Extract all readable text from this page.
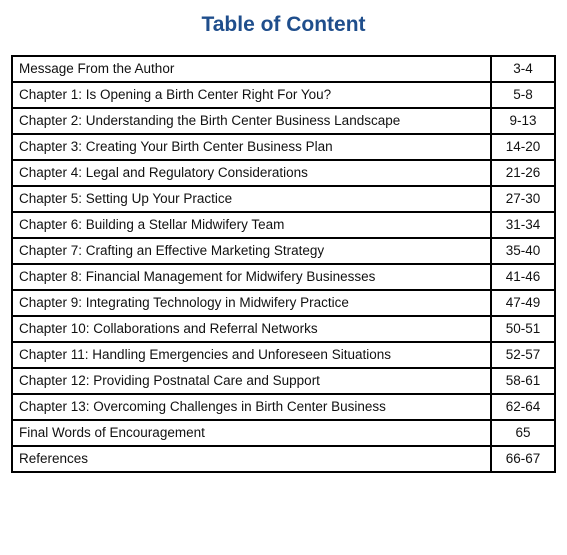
Table of Content
Message From the Author	3-4
Chapter 1: Is Opening a Birth Center Right For You?	5-8
Chapter 2: Understanding the Birth Center Business Landscape	9-13
Chapter 3: Creating Your Birth Center Business Plan	14-20
Chapter 4: Legal and Regulatory Considerations	21-26
Chapter 5: Setting Up Your Practice	27-30
Chapter 6: Building a Stellar Midwifery Team	31-34
Chapter 7: Crafting an Effective Marketing Strategy	35-40
Chapter 8: Financial Management for Midwifery Businesses	41-46
Chapter 9: Integrating Technology in Midwifery Practice	47-49
Chapter 10: Collaborations and Referral Networks	50-51
Chapter 11: Handling Emergencies and Unforeseen Situations	52-57
Chapter 12: Providing Postnatal Care and Support	58-61
Chapter 13: Overcoming Challenges in Birth Center Business	62-64
Final Words of Encouragement	65
References	66-67
